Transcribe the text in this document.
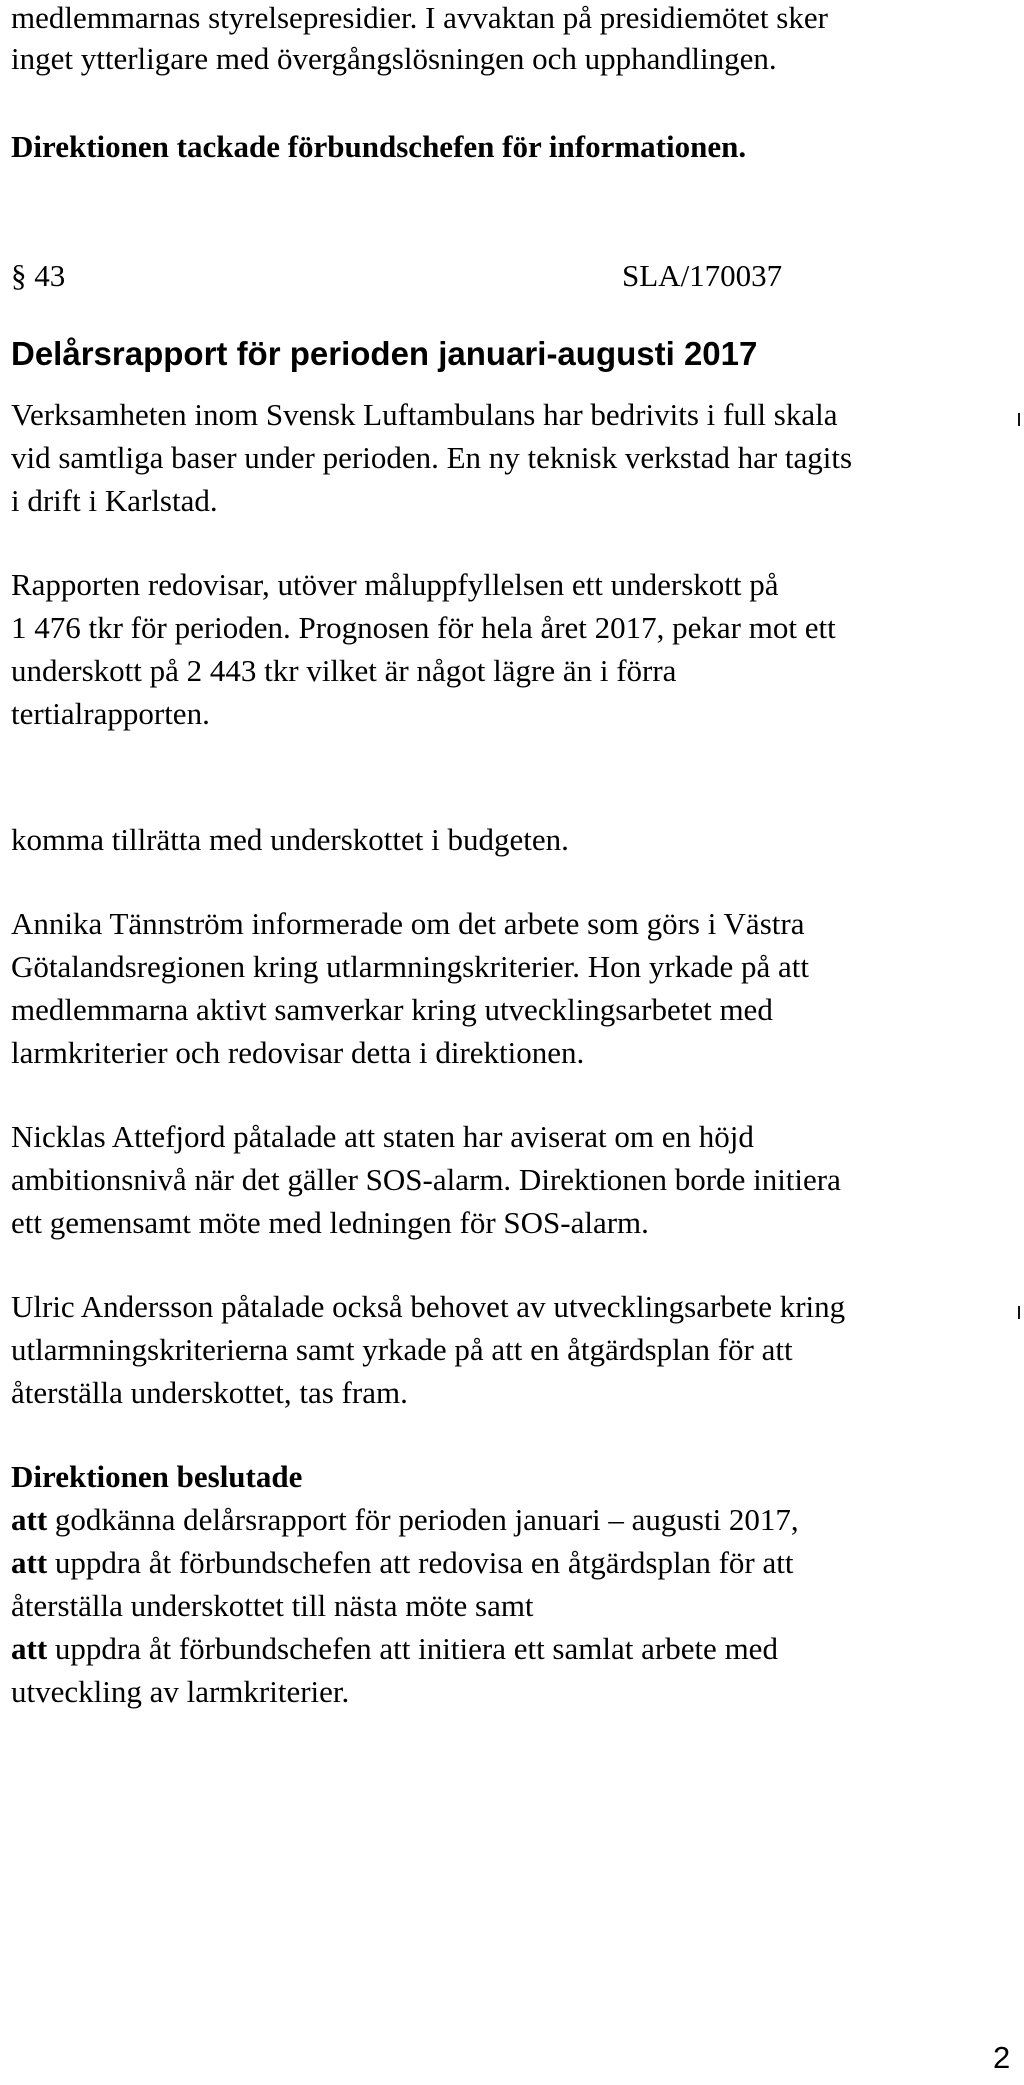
medlemmarnas styrelsepresidier. I avvaktan på presidiemötet sker
inget ytterligare med övergångslösningen och upphandlingen.
Direktionen tackade förbundschefen för informationen.
§ 43	SLA/170037
Delårsrapport för perioden januari-augusti 2017
Verksamheten inom Svensk Luftambulans har bedrivits i full skala
vid samtliga baser under perioden. En ny teknisk verkstad har tagits
i drift i Karlstad.
Rapporten redovisar, utöver måluppfyllelsen ett underskott på
1 476 tkr för perioden. Prognosen för hela året 2017, pekar mot ett
underskott på 2 443 tkr vilket är något lägre än i förra
tertialrapporten.
komma tillrätta med underskottet i budgeten.
Annika Tännström informerade om det arbete som görs i Västra
Götalandsregionen kring utlarmningskriterier. Hon yrkade på att
medlemmarna aktivt samverkar kring utvecklingsarbetet med
larmkriterier och redovisar detta i direktionen.
Nicklas Attefjord påtalade att staten har aviserat om en höjd
ambitionsnivå när det gäller SOS-alarm. Direktionen borde initiera
ett gemensamt möte med ledningen för SOS-alarm.
Ulric Andersson påtalade också behovet av utvecklingsarbete kring
utlarmningskriterierna samt yrkade på att en åtgärdsplan för att
återställa underskottet, tas fram.
Direktionen beslutade
att godkänna delårsrapport för perioden januari – augusti 2017,
att uppdra åt förbundschefen att redovisa en åtgärdsplan för att
återställa underskottet till nästa möte samt
att uppdra åt förbundschefen att initiera ett samlat arbete med
utveckling av larmkriterier.
2
